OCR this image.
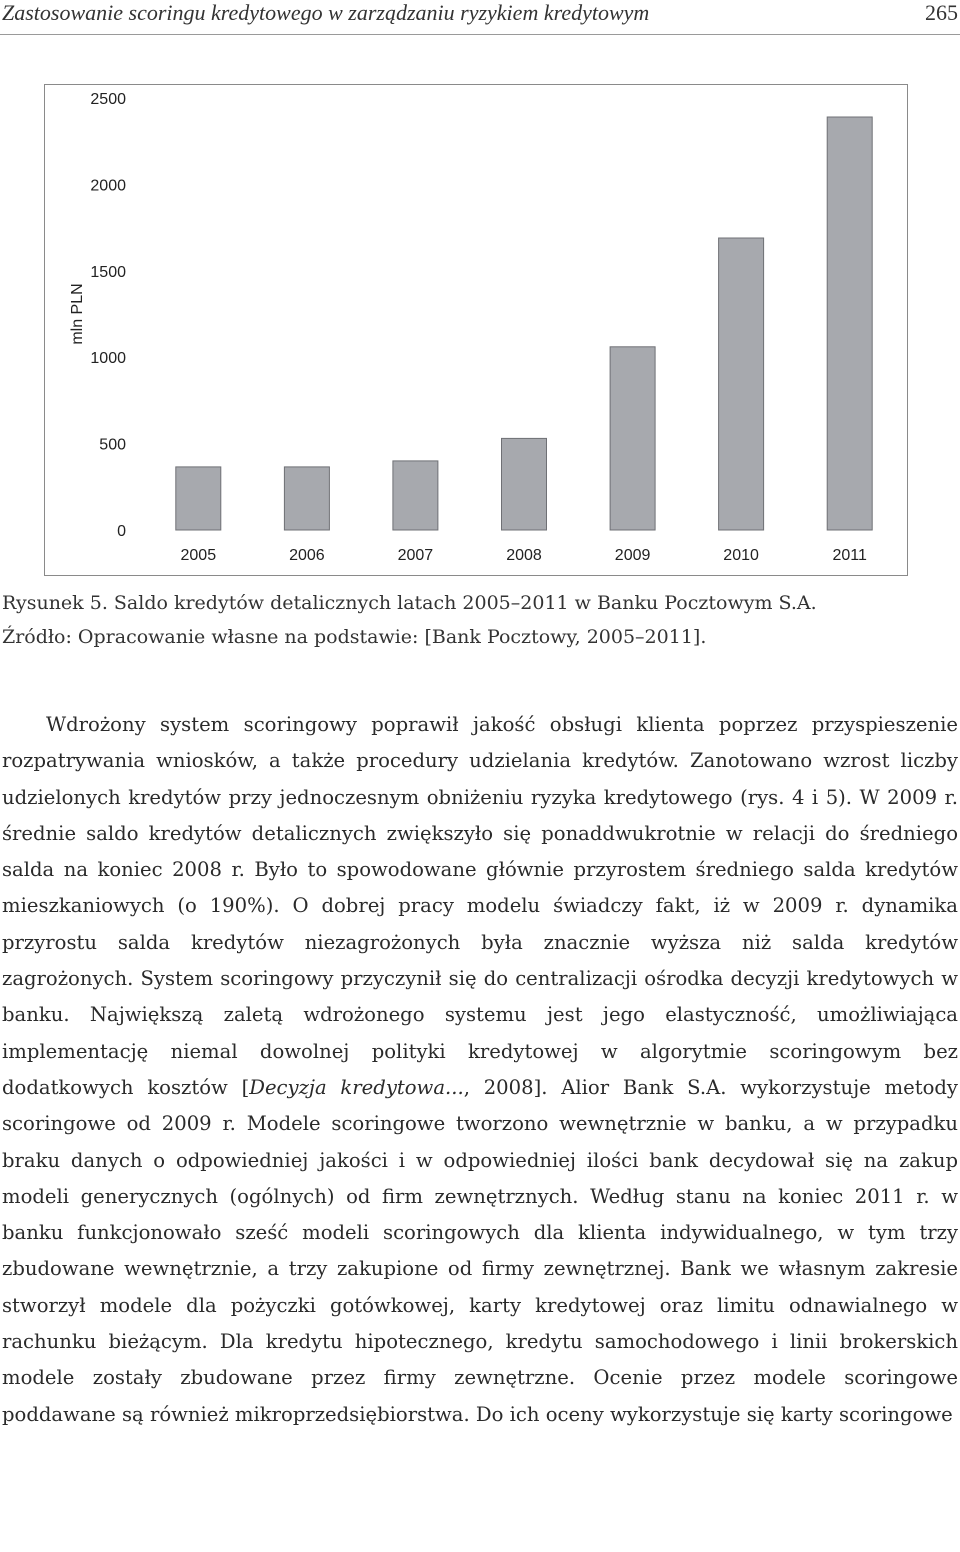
Zastosowanie scoringu kredytowego w zarządzaniu ryzykiem kredytowym	265
mln PLN
0
500
1000
1500
2000
2500
2005	2006	2007	2008	2009	2010	2011
Rysunek 5. Saldo kredytów detalicznych latach 2005–2011 w Banku Pocztowym S.A.
Źródło: Opracowanie własne na podstawie: [Bank Pocztowy, 2005–2011].

Wdrożony system scoringowy poprawił jakość obsługi klienta poprzez przyspieszenie rozpatrywania wniosków, a także procedury udzielania kredytów. Zanotowano wzrost liczby udzielonych kredytów przy jednoczesnym obniżeniu ryzyka kredytowego (rys. 4 i 5). W 2009 r. średnie saldo kredytów detalicznych zwiększyło się ponaddwukrotnie w relacji do średniego salda na koniec 2008 r. Było to spowodowane głównie przyrostem średniego salda kredytów mieszkaniowych (o 190%). O dobrej pracy modelu świadczy fakt, iż w 2009 r. dynamika przyrostu salda kredytów niezagrożonych była znacznie wyższa niż salda kredytów zagrożonych. System scoringowy przyczynił się do centralizacji ośrodka decyzji kredytowych w banku. Największą zaletą wdrożonego systemu jest jego elastyczność, umożliwiająca implementację niemal dowolnej polityki kredytowej w algorytmie scoringowym bez dodatkowych kosztów [Decyzja kredytowa..., 2008]. Alior Bank S.A. wykorzystuje metody scoringowe od 2009 r. Modele scoringowe tworzono wewnętrznie w banku, a w przypadku braku danych o odpowiedniej jakości i w odpowiedniej ilości bank decydował się na zakup modeli generycznych (ogólnych) od firm zewnętrznych. Według stanu na koniec 2011 r. w banku funkcjonowało sześć modeli scoringowych dla klienta indywidualnego, w tym trzy zbudowane wewnętrznie, a trzy zakupione od firmy zewnętrznej. Bank we własnym zakresie stworzył modele dla pożyczki gotówkowej, karty kredytowej oraz limitu odnawialnego w rachunku bieżącym. Dla kredytu hipotecznego, kredytu samochodowego i linii brokerskich modele zostały zbudowane przez firmy zewnętrzne. Ocenie przez modele scoringowe poddawane są również mikroprzedsiębiorstwa. Do ich oceny wykorzystuje się karty scoringowe
